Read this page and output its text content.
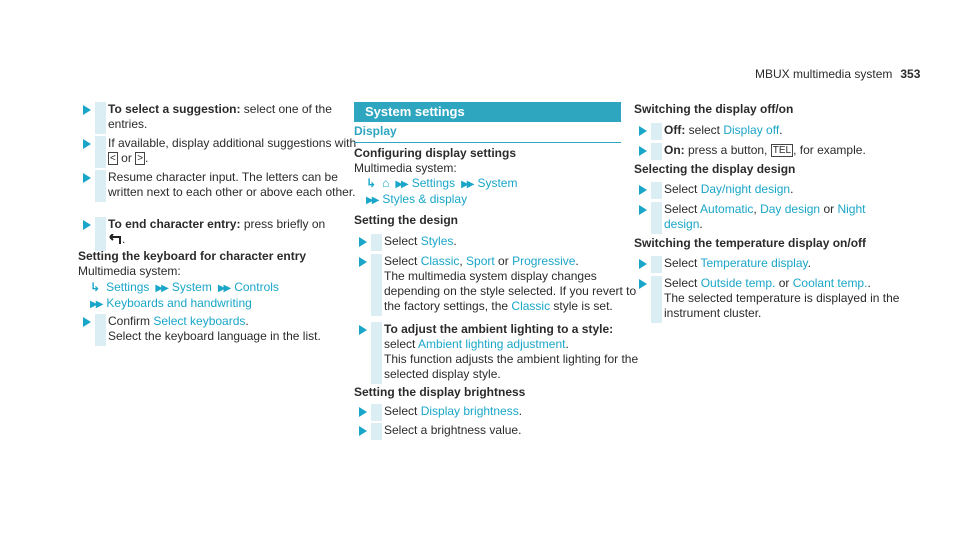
MBUX multimedia system 353
To select a suggestion: select one of the entries.
If available, display additional suggestions with < or > .
Resume character input. The letters can be written next to each other or above each other.
To end character entry: press briefly on
.
Setting the keyboard for character entry
Multimedia system:
↳ Settings ▶▶ System ▶▶ Controls
▶▶ Keyboards and handwriting
Confirm Select keyboards.
Select the keyboard language in the list.
System settings
Display
Configuring display settings
Multimedia system:
↳ ⌂ ▶▶ Settings ▶▶ System
▶▶ Styles & display
Setting the design
Select Styles.
Select Classic, Sport or Progressive.
The multimedia system display changes depending on the style selected. If you revert to the factory settings, the Classic style is set.
To adjust the ambient lighting to a style:
select Ambient lighting adjustment.
This function adjusts the ambient lighting for the selected display style.
Setting the display brightness
Select Display brightness.
Select a brightness value.
Switching the display off/on
Off: select Display off.
On: press a button, TEL , for example.
Selecting the display design
Select Day/night design.
Select Automatic, Day design or Night design.
Switching the temperature display on/off
Select Temperature display.
Select Outside temp. or Coolant temp..
The selected temperature is displayed in the instrument cluster.
